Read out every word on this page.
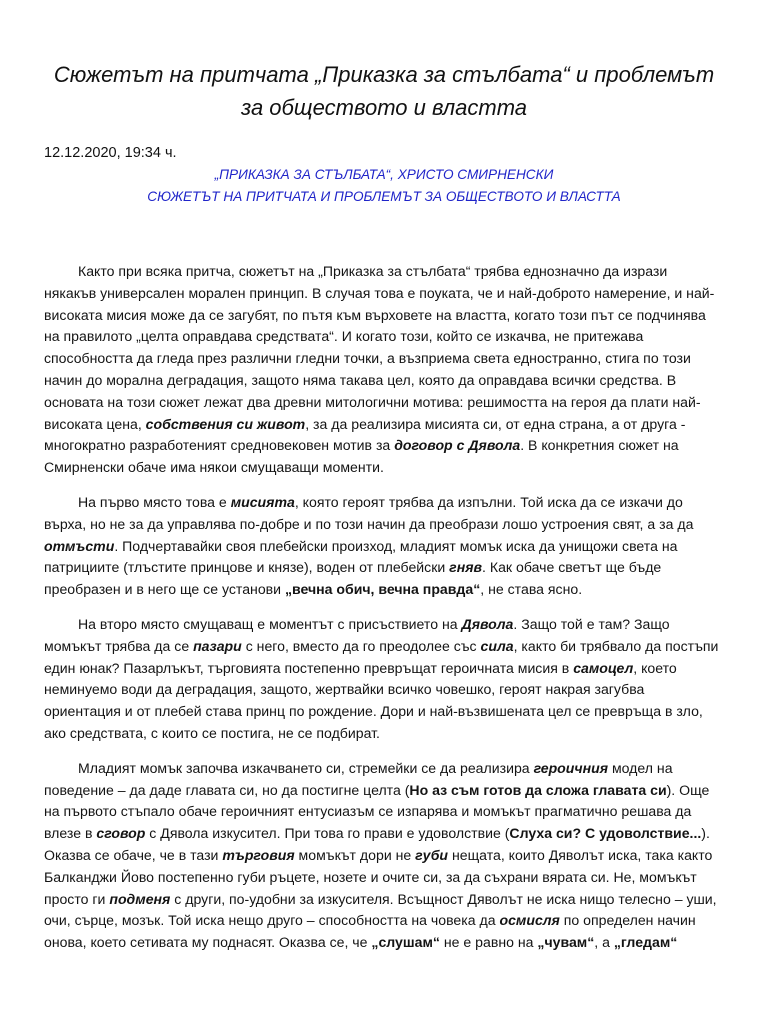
Сюжетът на притчата „Приказка за стълбата“ и проблемът
за обществото и властта
12.12.2020, 19:34 ч.
„ПРИКАЗКА ЗА СТЪЛБАТА“, ХРИСТО СМИРНЕНСКИ
СЮЖЕТЪТ НА ПРИТЧАТА И ПРОБЛЕМЪТ ЗА ОБЩЕСТВОТО И ВЛАСТТА

Както при всяка притча, сюжетът на „Приказка за стълбата“ трябва еднозначно да изрази някакъв универсален морален принцип. В случая това е поуката, че и най-доброто намерение, и най-високата мисия може да се загубят, по пътя към върховете на властта, когато този път се подчинява на правилото „целта оправдава средствата“. И когато този, който се изкачва, не притежава способността да гледа през различни гледни точки, а възприема света едностранно, стига по този начин до морална деградация, защото няма такава цел, която да оправдава всички средства. В основата на този сюжет лежат два древни митологични мотива: решимостта на героя да плати най-високата цена, собствения си живот, за да реализира мисията си, от една страна, а от друга - многократно разработеният средновековен мотив за договор с Дявола. В конкретния сюжет на Смирненски обаче има някои смущаващи моменти.

На първо място това е мисията, която героят трябва да изпълни. Той иска да се изкачи до върха, но не за да управлява по-добре и по този начин да преобрази лошо устроения свят, а за да отмъсти. Подчертавайки своя плебейски произход, младият момък иска да унищожи света на патрициите (тлъстите принцове и князе), воден от плебейски гняв. Как обаче светът ще бъде преобразен и в него ще се установи „вечна обич, вечна правда“, не става ясно.

На второ място смущаващ е моментът с присъствието на Дявола. Защо той е там? Защо момъкът трябва да се пазари с него, вместо да го преодолее със сила, както би трябвало да постъпи един юнак? Пазарлъкът, търговията постепенно превръщат героичната мисия в самоцел, което неминуемо води да деградация, защото, жертвайки всичко човешко, героят накрая загубва ориентация и от плебей става принц по рождение. Дори и най-възвишената цел се превръща в зло, ако средствата, с които се постига, не се подбират.

Младият момък започва изкачването си, стремейки се да реализира героичния модел на поведение – да даде главата си, но да постигне целта (Но аз съм готов да сложа главата си). Още на първото стъпало обаче героичният ентусиазъм се изпарява и момъкът прагматично решава да влезе в сговор с Дявола изкусител. При това го прави е удоволствие (Слуха си? С удоволствие...). Оказва се обаче, че в тази търговия момъкът дори не губи нещата, които Дяволът иска, така както Балканджи Йово постепенно губи ръцете, нозете и очите си, за да съхрани вярата си. Не, момъкът просто ги подменя с други, по-удобни за изкусителя. Всъщност Дяволът не иска нищо телесно – уши, очи, сърце, мозък. Той иска нещо друго – способността на човека да осмисля по определен начин онова, което сетивата му поднасят. Оказва се, че „слушам“ не е равно на „чувам“, а „гледам“
